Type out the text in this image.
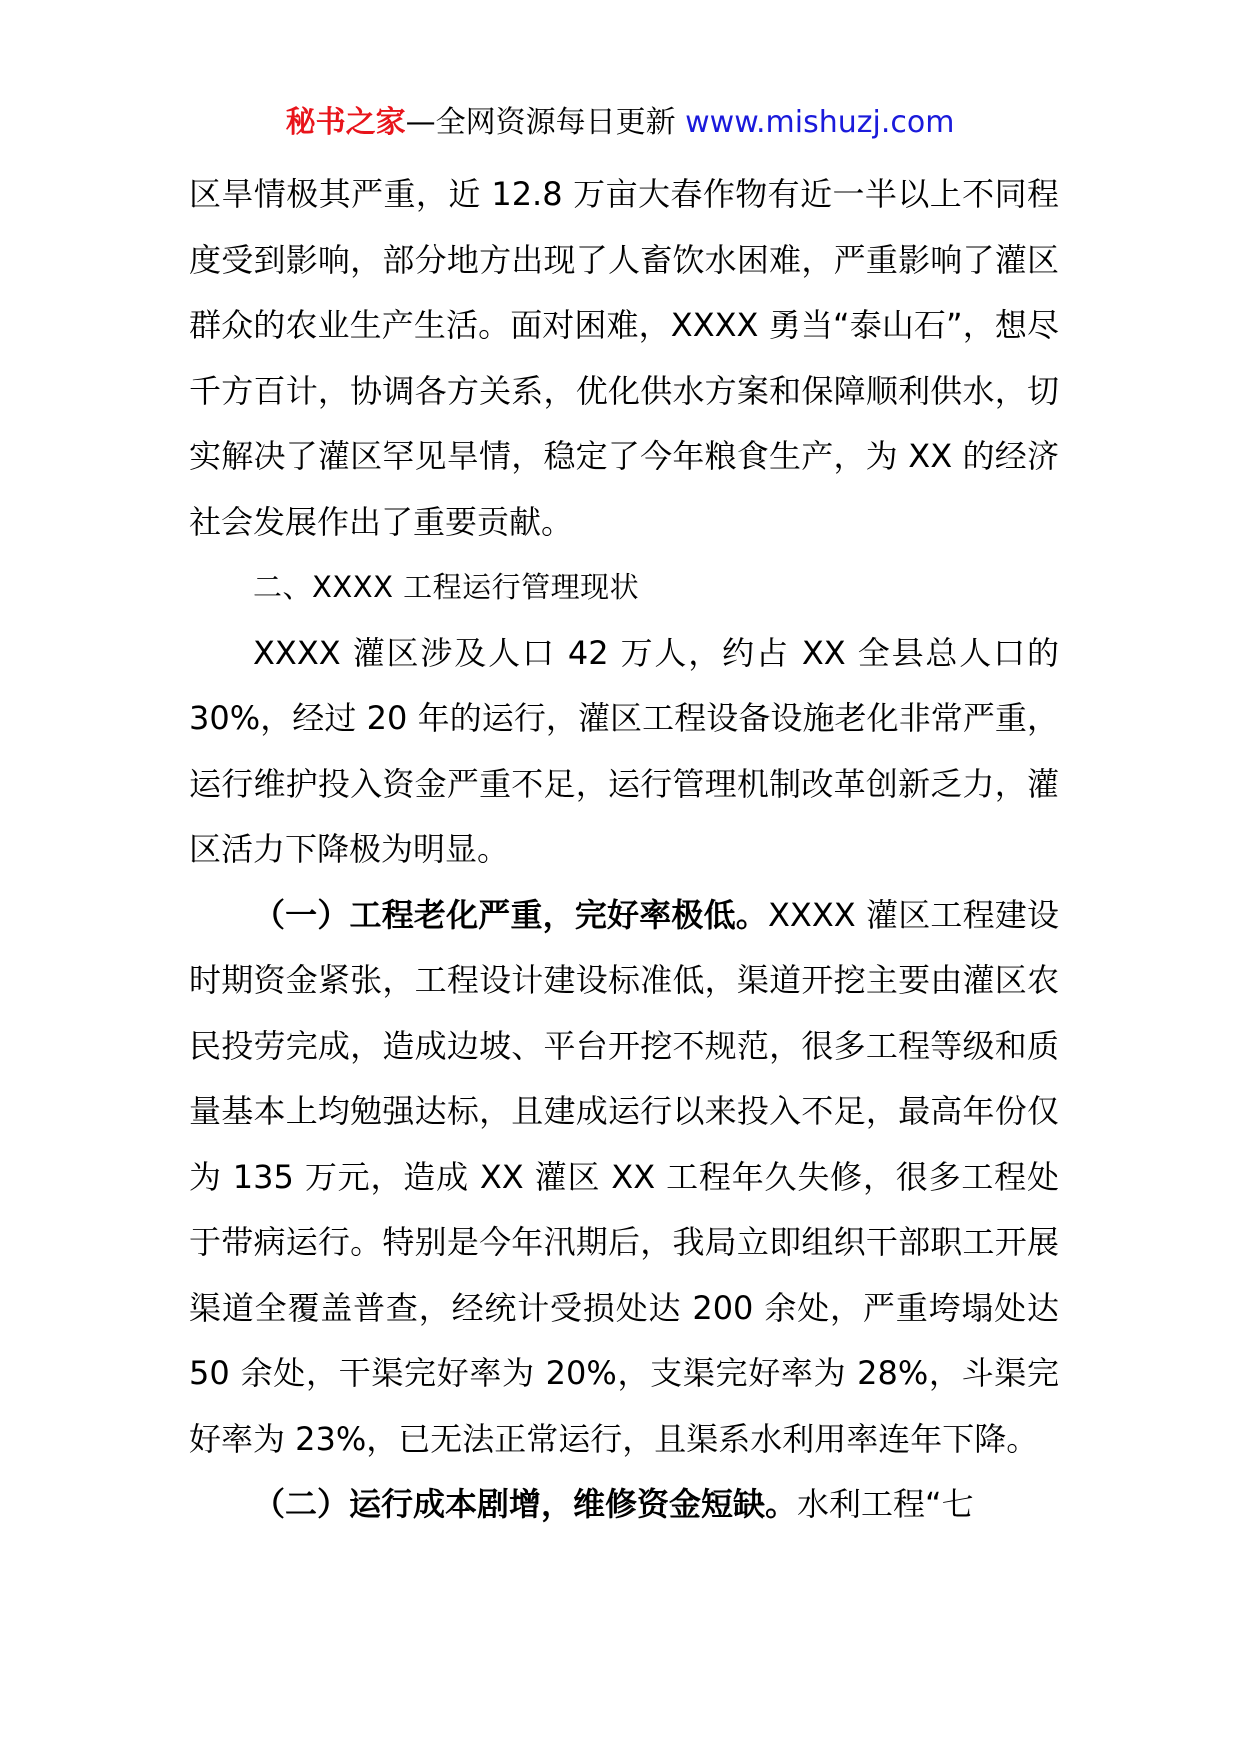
秘书之家—全网资源每日更新 www.mishuzj.com

区旱情极其严重，近 12.8 万亩大春作物有近一半以上不同程度受到影响，部分地方出现了人畜饮水困难，严重影响了灌区群众的农业生产生活。面对困难，XXXX 勇当“泰山石”，想尽千方百计，协调各方关系，优化供水方案和保障顺利供水，切实解决了灌区罕见旱情，稳定了今年粮食生产，为 XX 的经济社会发展作出了重要贡献。

二、XXXX 工程运行管理现状

XXXX 灌区涉及人口 42 万人，约占 XX 全县总人口的 30%，经过 20 年的运行，灌区工程设备设施老化非常严重，运行维护投入资金严重不足，运行管理机制改革创新乏力，灌区活力下降极为明显。

（一）工程老化严重，完好率极低。XXXX 灌区工程建设时期资金紧张，工程设计建设标准低，渠道开挖主要由灌区农民投劳完成，造成边坡、平台开挖不规范，很多工程等级和质量基本上均勉强达标，且建成运行以来投入不足，最高年份仅为 135 万元，造成 XX 灌区 XX 工程年久失修，很多工程处于带病运行。特别是今年汛期后，我局立即组织干部职工开展渠道全覆盖普查，经统计受损处达 200 余处，严重垮塌处达 50 余处，干渠完好率为 20%，支渠完好率为 28%，斗渠完好率为 23%，已无法正常运行，且渠系水利用率连年下降。

（二）运行成本剧增，维修资金短缺。水利工程“七
